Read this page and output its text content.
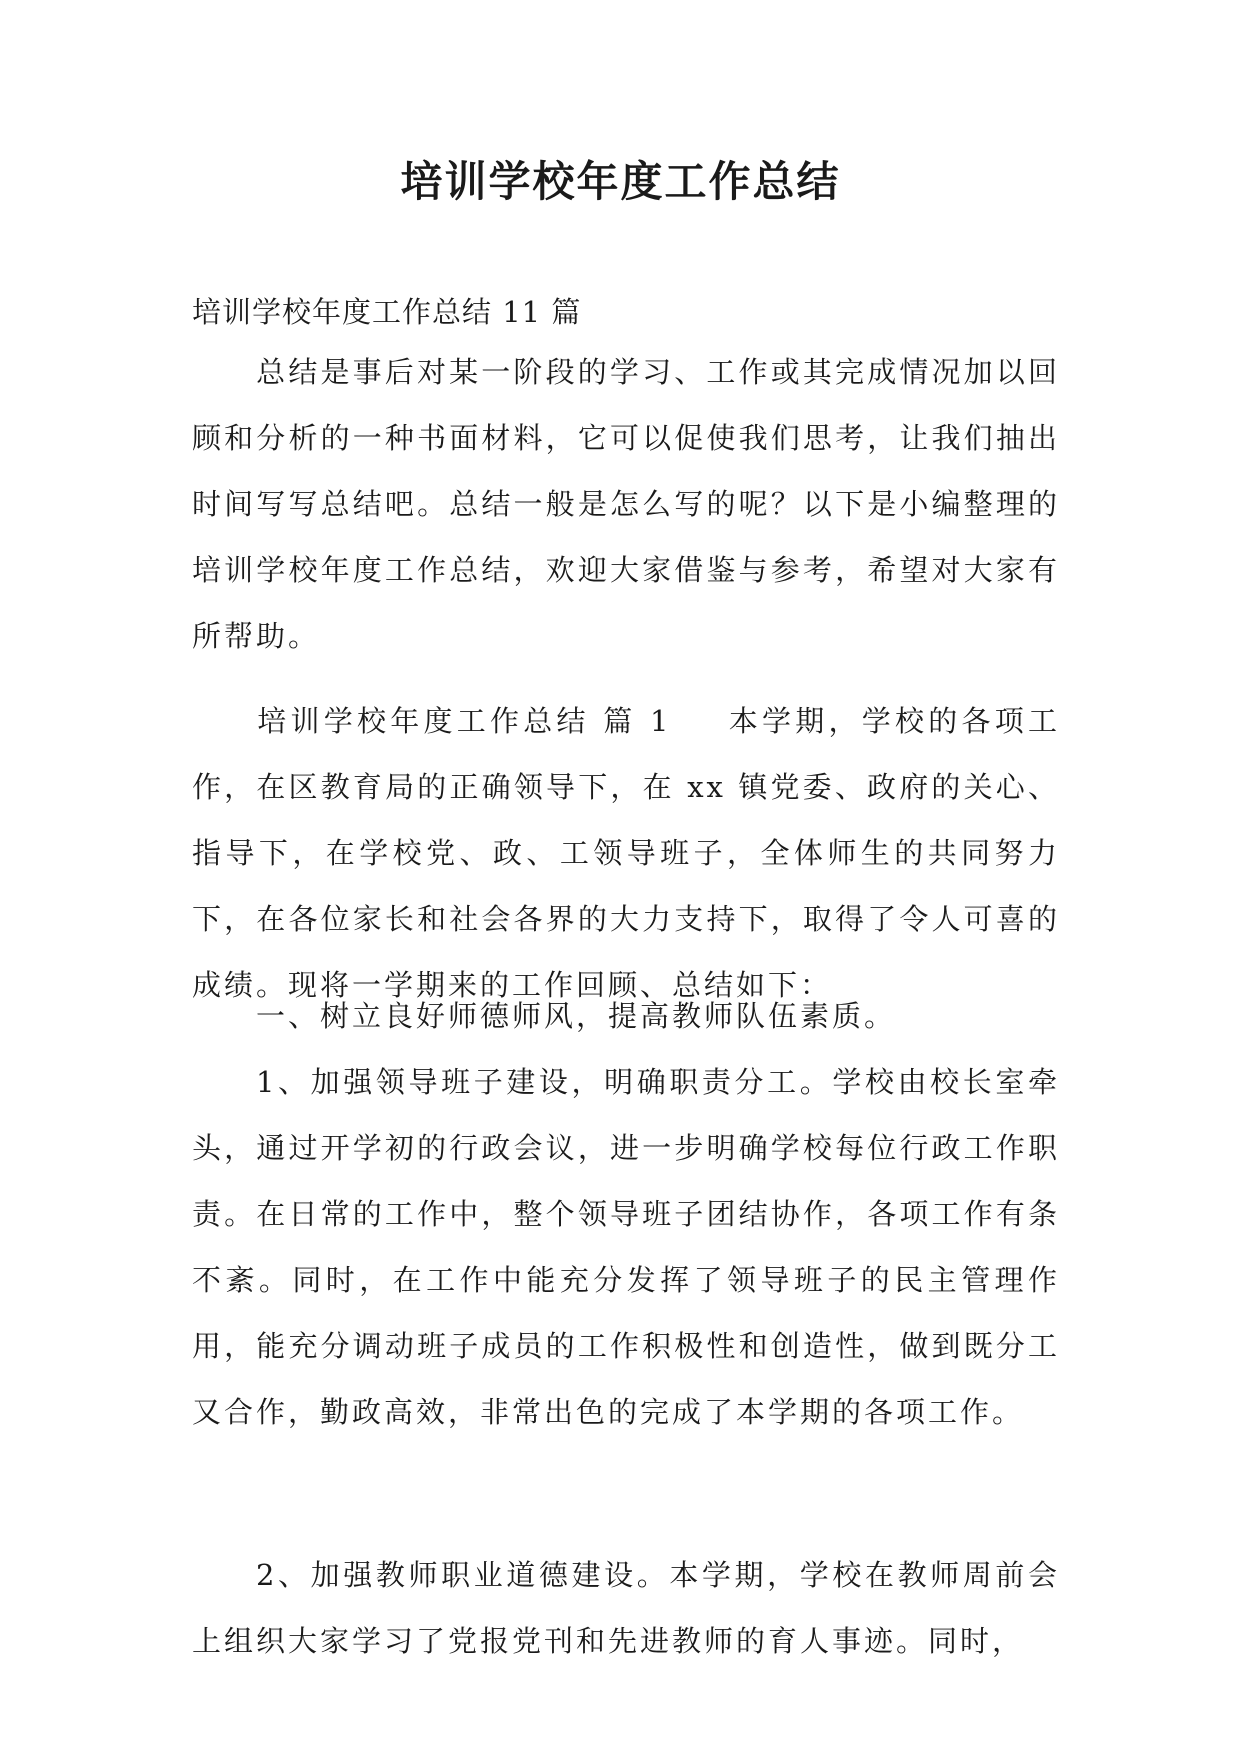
培训学校年度工作总结

培训学校年度工作总结 11 篇

总结是事后对某一阶段的学习、工作或其完成情况加以回顾和分析的一种书面材料，它可以促使我们思考，让我们抽出时间写写总结吧。总结一般是怎么写的呢？以下是小编整理的培训学校年度工作总结，欢迎大家借鉴与参考，希望对大家有所帮助。

培训学校年度工作总结 篇 1 本学期，学校的各项工作，在区教育局的正确领导下，在 xx 镇党委、政府的关心、指导下，在学校党、政、工领导班子，全体师生的共同努力下，在各位家长和社会各界的大力支持下，取得了令人可喜的成绩。现将一学期来的工作回顾、总结如下：

一、树立良好师德师风，提高教师队伍素质。

1、加强领导班子建设，明确职责分工。学校由校长室牵头，通过开学初的行政会议，进一步明确学校每位行政工作职责。在日常的工作中，整个领导班子团结协作，各项工作有条不紊。同时，在工作中能充分发挥了领导班子的民主管理作用，能充分调动班子成员的工作积极性和创造性，做到既分工又合作，勤政高效，非常出色的完成了本学期的各项工作。

2、加强教师职业道德建设。本学期，学校在教师周前会上组织大家学习了党报党刊和先进教师的育人事迹。同时，
